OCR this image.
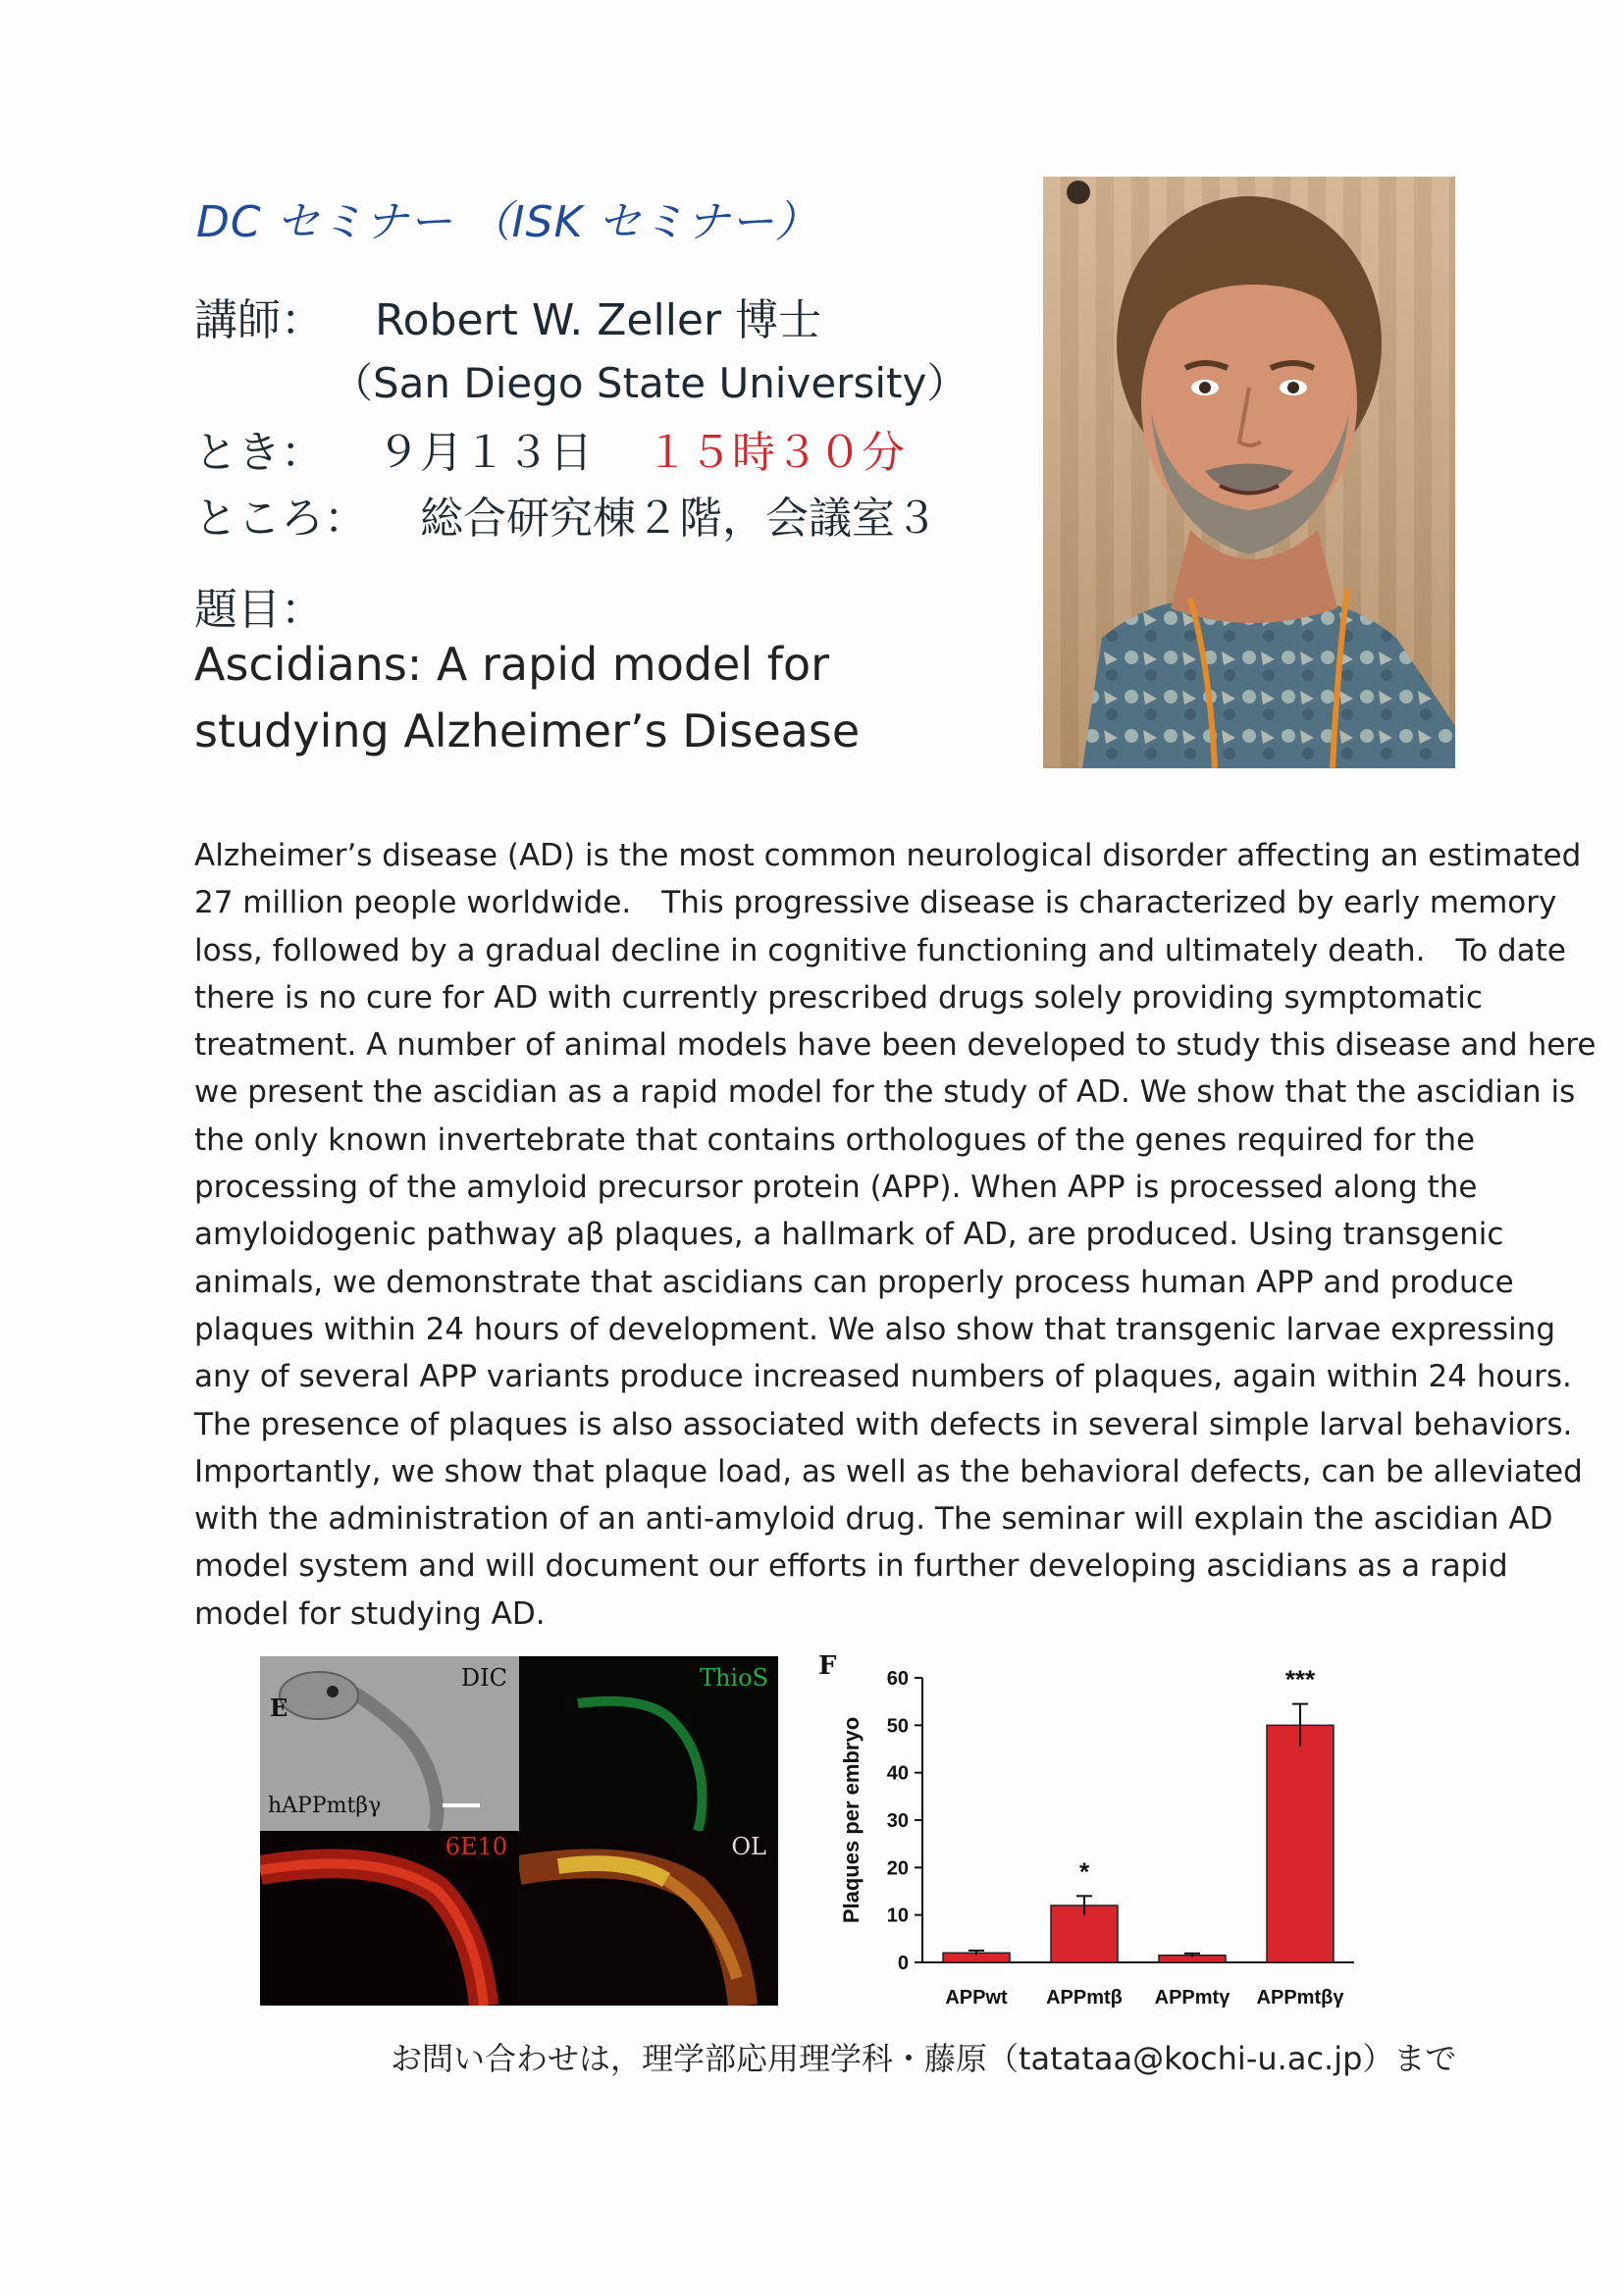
DC セミナー （ISK セミナー）
講師： Robert W. Zeller 博士
（San Diego State University）
とき： ９月１３日 １５時３０分
ところ： 総合研究棟２階，会議室３
題目：
Ascidians: A rapid model for
studying Alzheimer’s Disease
Alzheimer’s disease (AD) is the most common neurological disorder affecting an estimated
27 million people worldwide.　This progressive disease is characterized by early memory
loss, followed by a gradual decline in cognitive functioning and ultimately death.　To date
there is no cure for AD with currently prescribed drugs solely providing symptomatic
treatment. A number of animal models have been developed to study this disease and here
we present the ascidian as a rapid model for the study of AD. We show that the ascidian is
the only known invertebrate that contains orthologues of the genes required for the
processing of the amyloid precursor protein (APP). When APP is processed along the
amyloidogenic pathway aβ plaques, a hallmark of AD, are produced. Using transgenic
animals, we demonstrate that ascidians can properly process human APP and produce
plaques within 24 hours of development. We also show that transgenic larvae expressing
any of several APP variants produce increased numbers of plaques, again within 24 hours.
The presence of plaques is also associated with defects in several simple larval behaviors.
Importantly, we show that plaque load, as well as the behavioral defects, can be alleviated
with the administration of an anti-amyloid drug. The seminar will explain the ascidian AD
model system and will document our efforts in further developing ascidians as a rapid
model for studying AD.
E
DIC
hAPPmtβγ
ThioS
6E10	OL
F
0
10
20
30
40
50
60
Plaques per embryo
APPwt
*
APPmtβ APPmtγ
***
APPmtβγ
お問い合わせは，理学部応用理学科・藤原（tatataa@kochi-u.ac.jp）まで
